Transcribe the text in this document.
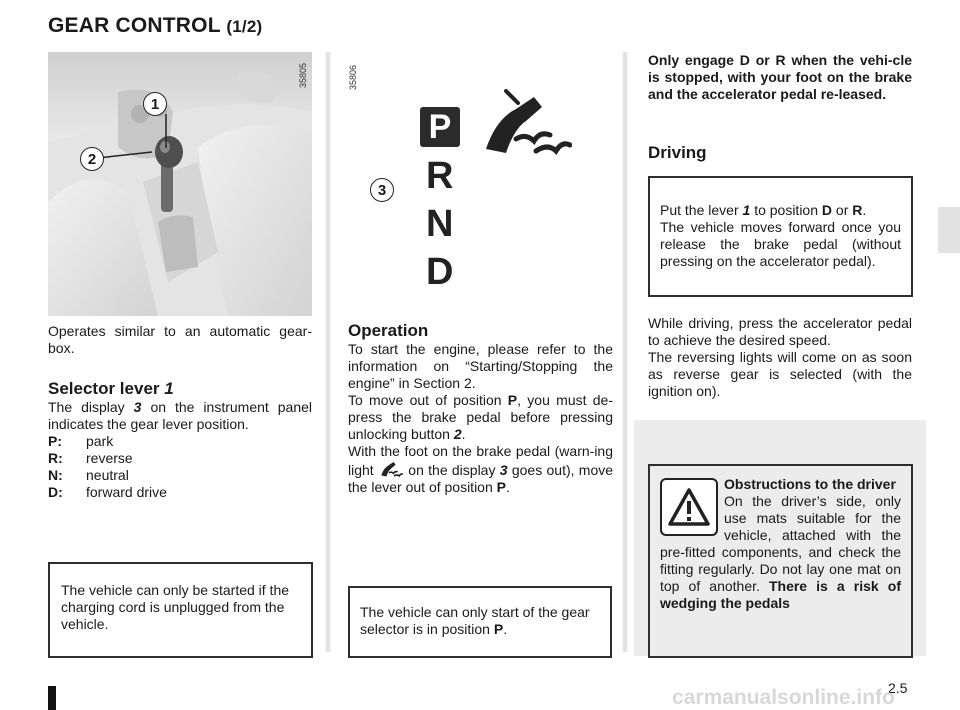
GEAR CONTROL (1/2)
1
2
35805
Operates similar to an automatic gear-box.
Selector lever 1
The display 3 on the instrument panel indicates the gear lever position.
P:	park
R:	reverse
N:	neutral
D:	forward drive
The vehicle can only be started if the charging cord is unplugged from the vehicle.
35806
3
P
R
N
D
Operation
To start the engine, please refer to the information on “Starting/Stopping the engine” in Section 2.
To move out of position P, you must de-press the brake pedal before pressing unlocking button 2.
With the foot on the brake pedal (warn-ing light on the display 3 goes out), move the lever out of position P.
The vehicle can only start of the gear selector is in position P.
Only engage D or R when the vehi-cle is stopped, with your foot on the brake and the accelerator pedal re-leased.
Driving
Put the lever 1 to position D or R.
The vehicle moves forward once you release the brake pedal (without pressing on the accelerator pedal).
While driving, press the accelerator pedal to achieve the desired speed.
The reversing lights will come on as soon as reverse gear is selected (with the ignition on).
Obstructions to the driver
On the driver’s side, only use mats suitable for the vehicle, attached with the pre-fitted components, and check the fitting regularly. Do not lay one mat on top of another. There is a risk of wedging the pedals
2.5
carmanualsonline.info
